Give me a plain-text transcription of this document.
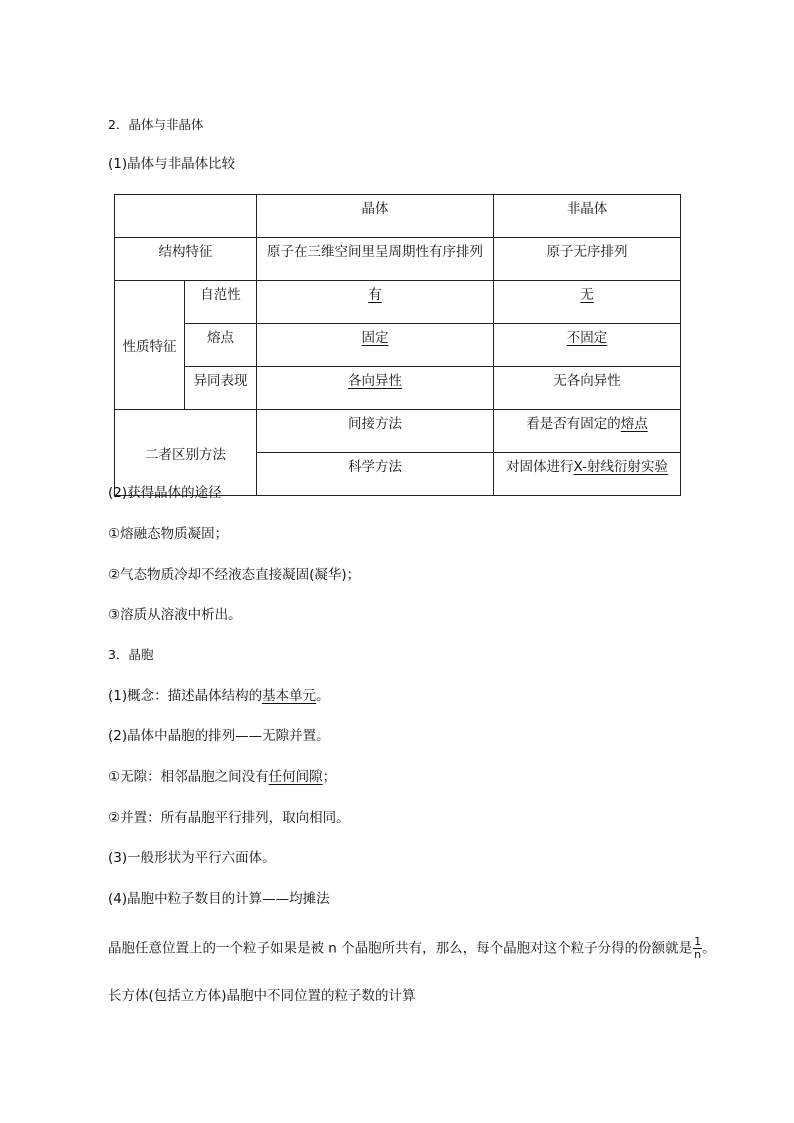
2．晶体与非晶体
(1)晶体与非晶体比较
		晶体	非晶体
结构特征		原子在三维空间里呈周期性有序排列	原子无序排列
性质特征	自范性	有	无
	熔点	固定	不固定
	异同表现	各向异性	无各向异性
二者区别方法		间接方法	看是否有固定的熔点
		科学方法	对固体进行X-射线衍射实验
(2)获得晶体的途径
①熔融态物质凝固；
②气态物质冷却不经液态直接凝固(凝华)；
③溶质从溶液中析出。
3．晶胞
(1)概念：描述晶体结构的基本单元。
(2)晶体中晶胞的排列——无隙并置。
①无隙：相邻晶胞之间没有任何间隙；
②并置：所有晶胞平行排列，取向相同。
(3)一般形状为平行六面体。
(4)晶胞中粒子数目的计算——均摊法
晶胞任意位置上的一个粒子如果是被 n 个晶胞所共有，那么，每个晶胞对这个粒子分得的份额就是 $\frac{1}{n}$ 。
长方体(包括立方体)晶胞中不同位置的粒子数的计算
